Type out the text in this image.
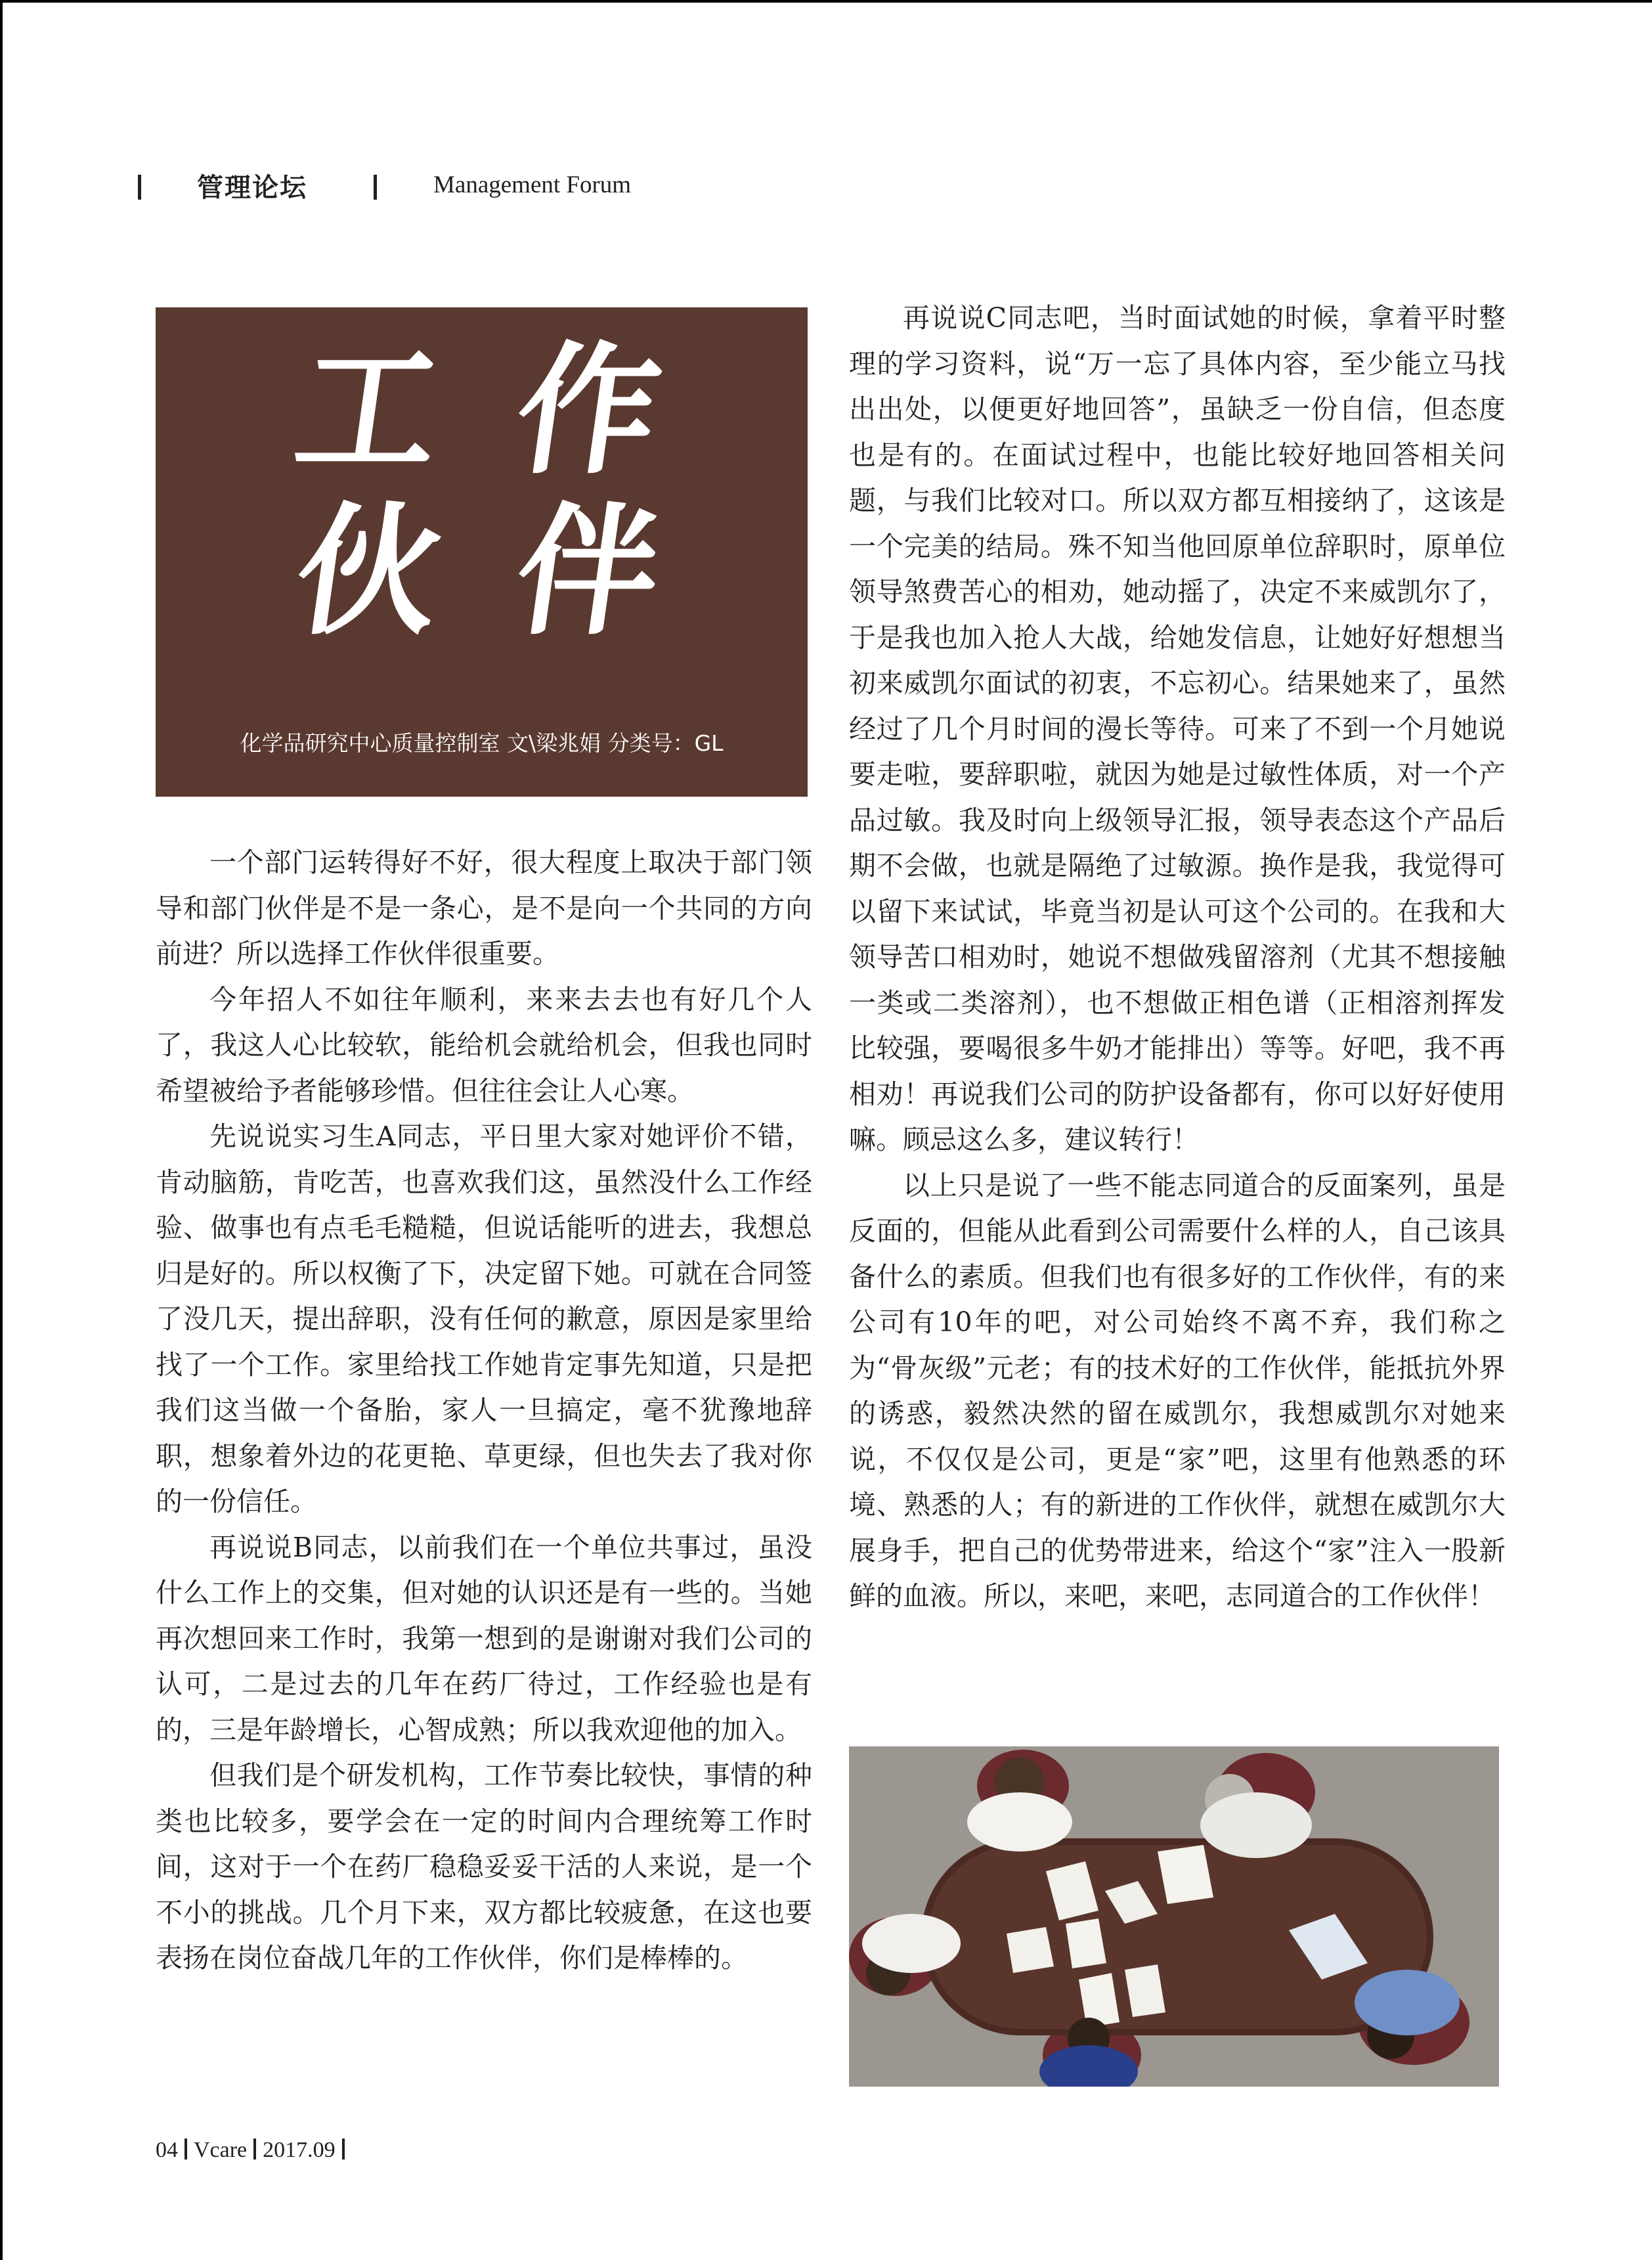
管理论坛	Management Forum
工作
伙伴
化学品研究中心质量控制室 文\梁兆娟 分类号：GL

一个部门运转得好不好，很大程度上取决于部门领导和部门伙伴是不是一条心，是不是向一个共同的方向前进？所以选择工作伙伴很重要。

今年招人不如往年顺利，来来去去也有好几个人了，我这人心比较软，能给机会就给机会，但我也同时希望被给予者能够珍惜。但往往会让人心寒。

先说说实习生A同志，平日里大家对她评价不错，肯动脑筋，肯吃苦，也喜欢我们这，虽然没什么工作经验、做事也有点毛毛糙糙，但说话能听的进去，我想总归是好的。所以权衡了下，决定留下她。可就在合同签了没几天，提出辞职，没有任何的歉意，原因是家里给找了一个工作。家里给找工作她肯定事先知道，只是把我们这当做一个备胎，家人一旦搞定，毫不犹豫地辞职，想象着外边的花更艳、草更绿，但也失去了我对你的一份信任。

再说说B同志，以前我们在一个单位共事过，虽没什么工作上的交集，但对她的认识还是有一些的。当她再次想回来工作时，我第一想到的是谢谢对我们公司的认可，二是过去的几年在药厂待过，工作经验也是有的，三是年龄增长，心智成熟；所以我欢迎他的加入。

但我们是个研发机构，工作节奏比较快，事情的种类也比较多，要学会在一定的时间内合理统筹工作时间，这对于一个在药厂稳稳妥妥干活的人来说，是一个不小的挑战。几个月下来，双方都比较疲惫，在这也要表扬在岗位奋战几年的工作伙伴，你们是棒棒的。

再说说C同志吧，当时面试她的时候，拿着平时整理的学习资料，说“万一忘了具体内容，至少能立马找出出处，以便更好地回答”，虽缺乏一份自信，但态度也是有的。在面试过程中，也能比较好地回答相关问题，与我们比较对口。所以双方都互相接纳了，这该是一个完美的结局。殊不知当他回原单位辞职时，原单位领导煞费苦心的相劝，她动摇了，决定不来威凯尔了，于是我也加入抢人大战，给她发信息，让她好好想想当初来威凯尔面试的初衷，不忘初心。结果她来了，虽然经过了几个月时间的漫长等待。可来了不到一个月她说要走啦，要辞职啦，就因为她是过敏性体质，对一个产品过敏。我及时向上级领导汇报，领导表态这个产品后期不会做，也就是隔绝了过敏源。换作是我，我觉得可以留下来试试，毕竟当初是认可这个公司的。在我和大领导苦口相劝时，她说不想做残留溶剂（尤其不想接触一类或二类溶剂），也不想做正相色谱（正相溶剂挥发比较强，要喝很多牛奶才能排出）等等。好吧，我不再相劝！再说我们公司的防护设备都有，你可以好好使用嘛。顾忌这么多，建议转行！

以上只是说了一些不能志同道合的反面案列，虽是反面的，但能从此看到公司需要什么样的人，自己该具备什么的素质。但我们也有很多好的工作伙伴，有的来公司有10年的吧，对公司始终不离不弃，我们称之为“骨灰级”元老；有的技术好的工作伙伴，能抵抗外界的诱惑，毅然决然的留在威凯尔，我想威凯尔对她来说，不仅仅是公司，更是“家”吧，这里有他熟悉的环境、熟悉的人；有的新进的工作伙伴，就想在威凯尔大展身手，把自己的优势带进来，给这个“家”注入一股新鲜的血液。所以，来吧，来吧，志同道合的工作伙伴！

04 Vcare 2017.09
